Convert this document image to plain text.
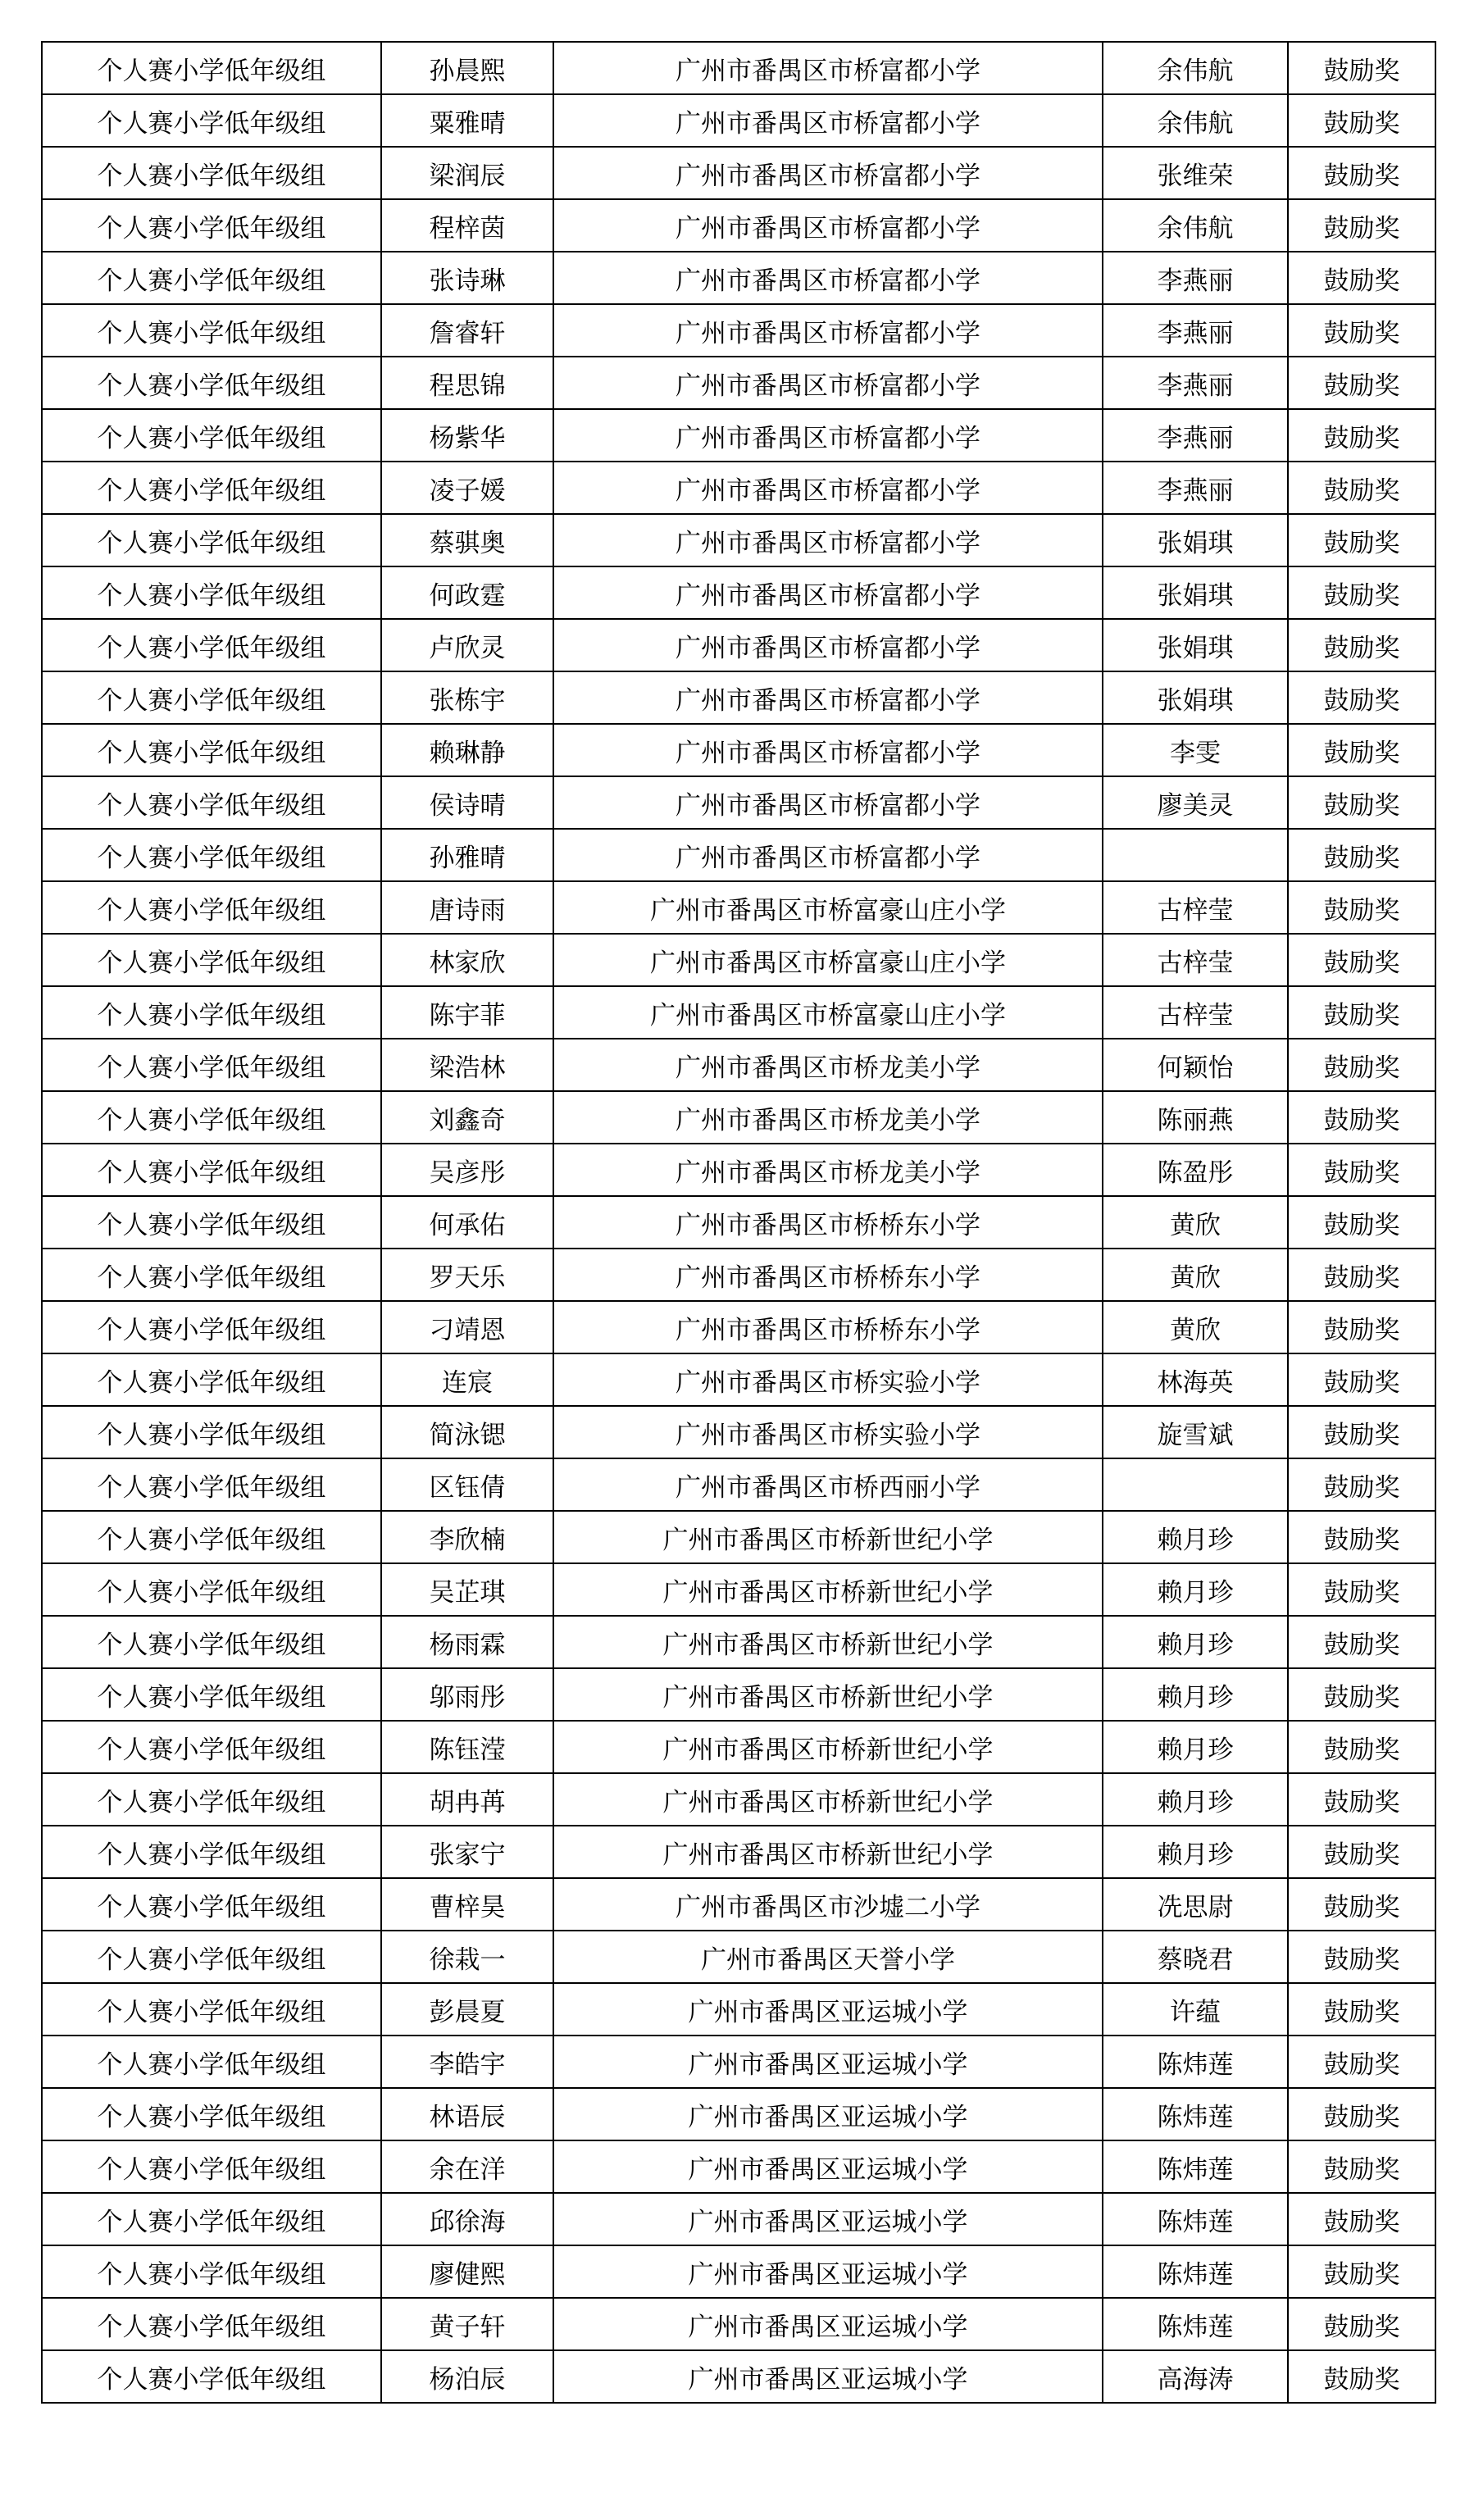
个人赛小学低年级组	孙晨熙	广州市番禺区市桥富都小学	余伟航	鼓励奖
个人赛小学低年级组	粟雅晴	广州市番禺区市桥富都小学	余伟航	鼓励奖
个人赛小学低年级组	梁润辰	广州市番禺区市桥富都小学	张维荣	鼓励奖
个人赛小学低年级组	程梓茵	广州市番禺区市桥富都小学	余伟航	鼓励奖
个人赛小学低年级组	张诗琳	广州市番禺区市桥富都小学	李燕丽	鼓励奖
个人赛小学低年级组	詹睿轩	广州市番禺区市桥富都小学	李燕丽	鼓励奖
个人赛小学低年级组	程思锦	广州市番禺区市桥富都小学	李燕丽	鼓励奖
个人赛小学低年级组	杨紫华	广州市番禺区市桥富都小学	李燕丽	鼓励奖
个人赛小学低年级组	凌子媛	广州市番禺区市桥富都小学	李燕丽	鼓励奖
个人赛小学低年级组	蔡骐奥	广州市番禺区市桥富都小学	张娟琪	鼓励奖
个人赛小学低年级组	何政霆	广州市番禺区市桥富都小学	张娟琪	鼓励奖
个人赛小学低年级组	卢欣灵	广州市番禺区市桥富都小学	张娟琪	鼓励奖
个人赛小学低年级组	张栋宇	广州市番禺区市桥富都小学	张娟琪	鼓励奖
个人赛小学低年级组	赖琳静	广州市番禺区市桥富都小学	李雯	鼓励奖
个人赛小学低年级组	侯诗晴	广州市番禺区市桥富都小学	廖美灵	鼓励奖
个人赛小学低年级组	孙雅晴	广州市番禺区市桥富都小学		鼓励奖
个人赛小学低年级组	唐诗雨	广州市番禺区市桥富豪山庄小学	古梓莹	鼓励奖
个人赛小学低年级组	林家欣	广州市番禺区市桥富豪山庄小学	古梓莹	鼓励奖
个人赛小学低年级组	陈宇菲	广州市番禺区市桥富豪山庄小学	古梓莹	鼓励奖
个人赛小学低年级组	梁浩林	广州市番禺区市桥龙美小学	何颖怡	鼓励奖
个人赛小学低年级组	刘鑫奇	广州市番禺区市桥龙美小学	陈丽燕	鼓励奖
个人赛小学低年级组	吴彦彤	广州市番禺区市桥龙美小学	陈盈彤	鼓励奖
个人赛小学低年级组	何承佑	广州市番禺区市桥桥东小学	黄欣	鼓励奖
个人赛小学低年级组	罗天乐	广州市番禺区市桥桥东小学	黄欣	鼓励奖
个人赛小学低年级组	刁靖恩	广州市番禺区市桥桥东小学	黄欣	鼓励奖
个人赛小学低年级组	连宸	广州市番禺区市桥实验小学	林海英	鼓励奖
个人赛小学低年级组	简泳锶	广州市番禺区市桥实验小学	旋雪斌	鼓励奖
个人赛小学低年级组	区钰倩	广州市番禺区市桥西丽小学		鼓励奖
个人赛小学低年级组	李欣楠	广州市番禺区市桥新世纪小学	赖月珍	鼓励奖
个人赛小学低年级组	吴芷琪	广州市番禺区市桥新世纪小学	赖月珍	鼓励奖
个人赛小学低年级组	杨雨霖	广州市番禺区市桥新世纪小学	赖月珍	鼓励奖
个人赛小学低年级组	邬雨彤	广州市番禺区市桥新世纪小学	赖月珍	鼓励奖
个人赛小学低年级组	陈钰滢	广州市番禺区市桥新世纪小学	赖月珍	鼓励奖
个人赛小学低年级组	胡冉苒	广州市番禺区市桥新世纪小学	赖月珍	鼓励奖
个人赛小学低年级组	张家宁	广州市番禺区市桥新世纪小学	赖月珍	鼓励奖
个人赛小学低年级组	曹梓昊	广州市番禺区市沙墟二小学	冼思尉	鼓励奖
个人赛小学低年级组	徐栽一	广州市番禺区天誉小学	蔡晓君	鼓励奖
个人赛小学低年级组	彭晨夏	广州市番禺区亚运城小学	许蕴	鼓励奖
个人赛小学低年级组	李皓宇	广州市番禺区亚运城小学	陈炜莲	鼓励奖
个人赛小学低年级组	林语辰	广州市番禺区亚运城小学	陈炜莲	鼓励奖
个人赛小学低年级组	余在洋	广州市番禺区亚运城小学	陈炜莲	鼓励奖
个人赛小学低年级组	邱徐海	广州市番禺区亚运城小学	陈炜莲	鼓励奖
个人赛小学低年级组	廖健熙	广州市番禺区亚运城小学	陈炜莲	鼓励奖
个人赛小学低年级组	黄子轩	广州市番禺区亚运城小学	陈炜莲	鼓励奖
个人赛小学低年级组	杨泊辰	广州市番禺区亚运城小学	高海涛	鼓励奖
